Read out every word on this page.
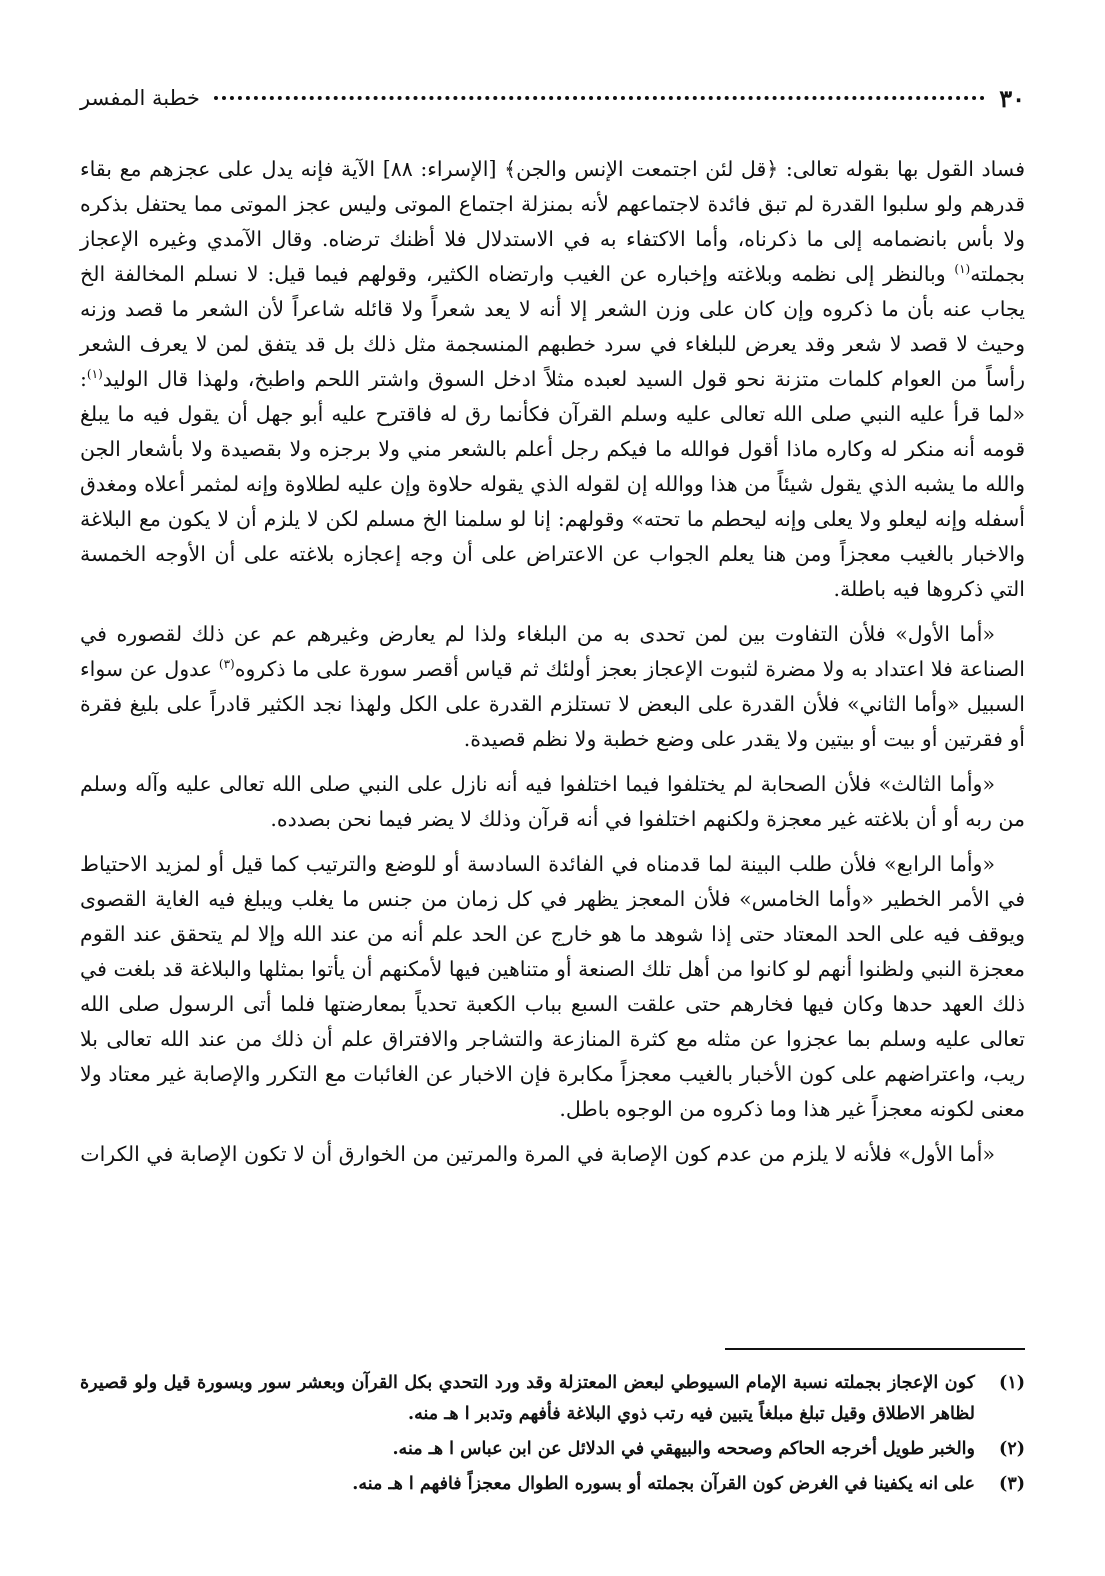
٣٠
خطبة المفسر

فساد القول بها بقوله تعالى: ﴿قل لئن اجتمعت الإنس والجن﴾ [الإسراء: ٨٨] الآية فإنه يدل على عجزهم مع بقاء قدرهم ولو سلبوا القدرة لم تبق فائدة لاجتماعهم لأنه بمنزلة اجتماع الموتى وليس عجز الموتى مما يحتفل بذكره ولا بأس بانضمامه إلى ما ذكرناه، وأما الاكتفاء به في الاستدلال فلا أظنك ترضاه. وقال الآمدي وغيره الإعجاز بجملته$^{(١)}$ وبالنظر إلى نظمه وبلاغته وإخباره عن الغيب وارتضاه الكثير، وقولهم فيما قيل: لا نسلم المخالفة الخ يجاب عنه بأن ما ذكروه وإن كان على وزن الشعر إلا أنه لا يعد شعراً ولا قائله شاعراً لأن الشعر ما قصد وزنه وحيث لا قصد لا شعر وقد يعرض للبلغاء في سرد خطبهم المنسجمة مثل ذلك بل قد يتفق لمن لا يعرف الشعر رأساً من العوام كلمات متزنة نحو قول السيد لعبده مثلاً ادخل السوق واشتر اللحم واطبخ، ولهذا قال الوليد$^{(١)}$: «لما قرأ عليه النبي صلى الله تعالى عليه وسلم القرآن فكأنما رق له فاقترح عليه أبو جهل أن يقول فيه ما يبلغ قومه أنه منكر له وكاره ماذا أقول فوالله ما فيكم رجل أعلم بالشعر مني ولا برجزه ولا بقصيدة ولا بأشعار الجن والله ما يشبه الذي يقول شيئاً من هذا ووالله إن لقوله الذي يقوله حلاوة وإن عليه لطلاوة وإنه لمثمر أعلاه ومغدق أسفله وإنه ليعلو ولا يعلى وإنه ليحطم ما تحته» وقولهم: إنا لو سلمنا الخ مسلم لكن لا يلزم أن لا يكون مع البلاغة والاخبار بالغيب معجزاً ومن هنا يعلم الجواب عن الاعتراض على أن وجه إعجازه بلاغته على أن الأوجه الخمسة التي ذكروها فيه باطلة.

«أما الأول» فلأن التفاوت بين لمن تحدى به من البلغاء ولذا لم يعارض وغيرهم عم عن ذلك لقصوره في الصناعة فلا اعتداد به ولا مضرة لثبوت الإعجاز بعجز أولئك ثم قياس أقصر سورة على ما ذكروه$^{(٣)}$ عدول عن سواء السبيل «وأما الثاني» فلأن القدرة على البعض لا تستلزم القدرة على الكل ولهذا نجد الكثير قادراً على بليغ فقرة أو فقرتين أو بيت أو بيتين ولا يقدر على وضع خطبة ولا نظم قصيدة.

«وأما الثالث» فلأن الصحابة لم يختلفوا فيما اختلفوا فيه أنه نازل على النبي صلى الله تعالى عليه وآله وسلم من ربه أو أن بلاغته غير معجزة ولكنهم اختلفوا في أنه قرآن وذلك لا يضر فيما نحن بصدده.

«وأما الرابع» فلأن طلب البينة لما قدمناه في الفائدة السادسة أو للوضع والترتيب كما قيل أو لمزيد الاحتياط في الأمر الخطير «وأما الخامس» فلأن المعجز يظهر في كل زمان من جنس ما يغلب ويبلغ فيه الغاية القصوى ويوقف فيه على الحد المعتاد حتى إذا شوهد ما هو خارج عن الحد علم أنه من عند الله وإلا لم يتحقق عند القوم معجزة النبي ولظنوا أنهم لو كانوا من أهل تلك الصنعة أو متناهين فيها لأمكنهم أن يأتوا بمثلها والبلاغة قد بلغت في ذلك العهد حدها وكان فيها فخارهم حتى علقت السبع بباب الكعبة تحدياً بمعارضتها فلما أتى الرسول صلى الله تعالى عليه وسلم بما عجزوا عن مثله مع كثرة المنازعة والتشاجر والافتراق علم أن ذلك من عند الله تعالى بلا ريب، واعتراضهم على كون الأخبار بالغيب معجزاً مكابرة فإن الاخبار عن الغائبات مع التكرر والإصابة غير معتاد ولا معنى لكونه معجزاً غير هذا وما ذكروه من الوجوه باطل.

«أما الأول» فلأنه لا يلزم من عدم كون الإصابة في المرة والمرتين من الخوارق أن لا تكون الإصابة في الكرات

(١)
كون الإعجاز بجملته نسبة الإمام السيوطي لبعض المعتزلة وقد ورد التحدي بكل القرآن وبعشر سور وبسورة قيل ولو قصيرة لظاهر الاطلاق وقيل تبلغ مبلغاً يتبين فيه رتب ذوي البلاغة فأفهم وتدبر ا هـ منه.
(٢)
والخبر طويل أخرجه الحاكم وصححه والبيهقي في الدلائل عن ابن عباس ا هـ منه.
(٣)
على انه يكفينا في الغرض كون القرآن بجملته أو بسوره الطوال معجزاً فافهم ا هـ منه.
